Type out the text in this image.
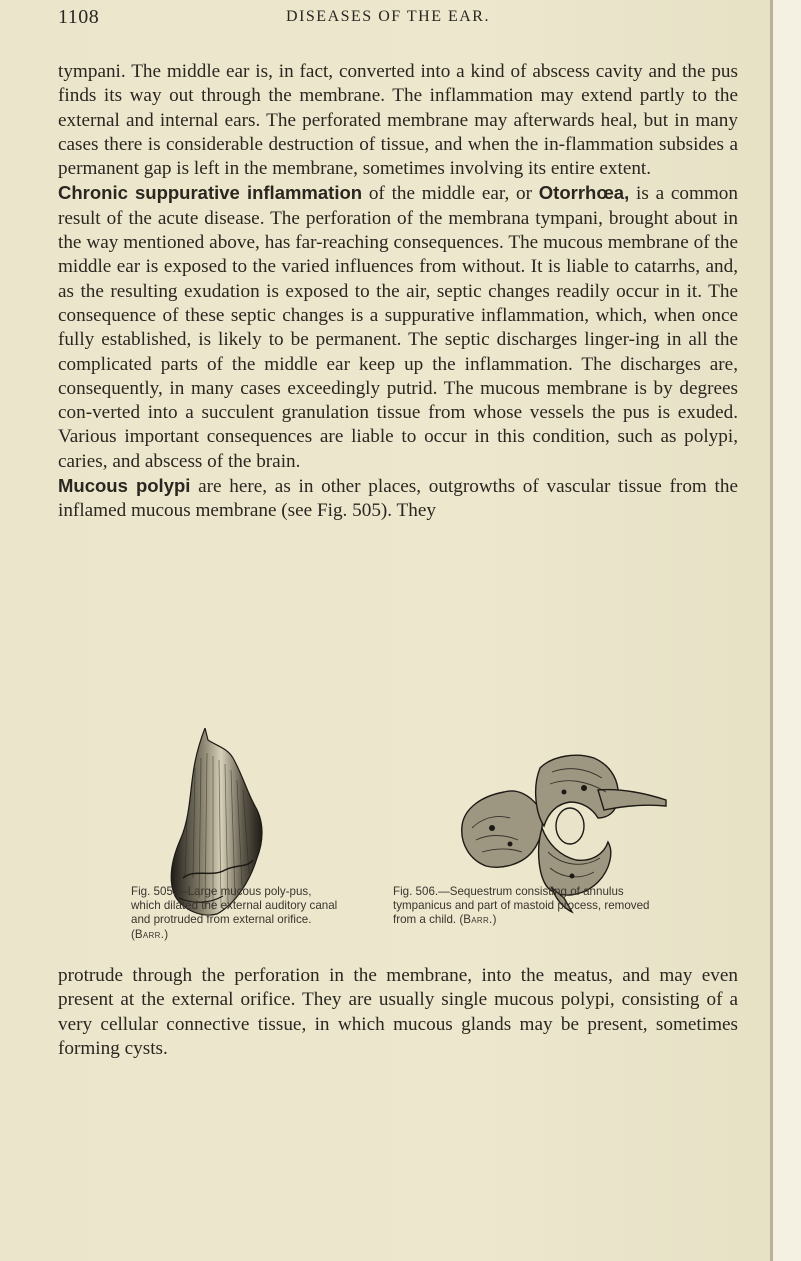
1108	DISEASES OF THE EAR.

tympani. The middle ear is, in fact, converted into a kind of abscess cavity and the pus finds its way out through the membrane. The inflammation may extend partly to the external and internal ears. The perforated membrane may afterwards heal, but in many cases there is considerable destruction of tissue, and when the in-flammation subsides a permanent gap is left in the membrane, sometimes involving its entire extent.

Chronic suppurative inflammation of the middle ear, or Otorrhœa, is a common result of the acute disease. The perforation of the membrana tympani, brought about in the way mentioned above, has far-reaching consequences. The mucous membrane of the middle ear is exposed to the varied influences from without. It is liable to catarrhs, and, as the resulting exudation is exposed to the air, septic changes readily occur in it. The consequence of these septic changes is a suppurative inflammation, which, when once fully established, is likely to be permanent. The septic discharges linger-ing in all the complicated parts of the middle ear keep up the inflammation. The discharges are, consequently, in many cases exceedingly putrid. The mucous membrane is by degrees con-verted into a succulent granulation tissue from whose vessels the pus is exuded. Various important consequences are liable to occur in this condition, such as polypi, caries, and abscess of the brain.

Mucous polypi are here, as in other places, outgrowths of vascular tissue from the inflamed mucous membrane (see Fig. 505). They

Fig. 505.—Large mucous poly-pus, which dilated the external auditory canal and protruded from external orifice. (Barr.)
Fig. 506.—Sequestrum consisting of annulus tympanicus and part of mastoid process, removed from a child. (Barr.)

protrude through the perforation in the membrane, into the meatus, and may even present at the external orifice. They are usually single mucous polypi, consisting of a very cellular connective tissue, in which mucous glands may be present, sometimes forming cysts.
